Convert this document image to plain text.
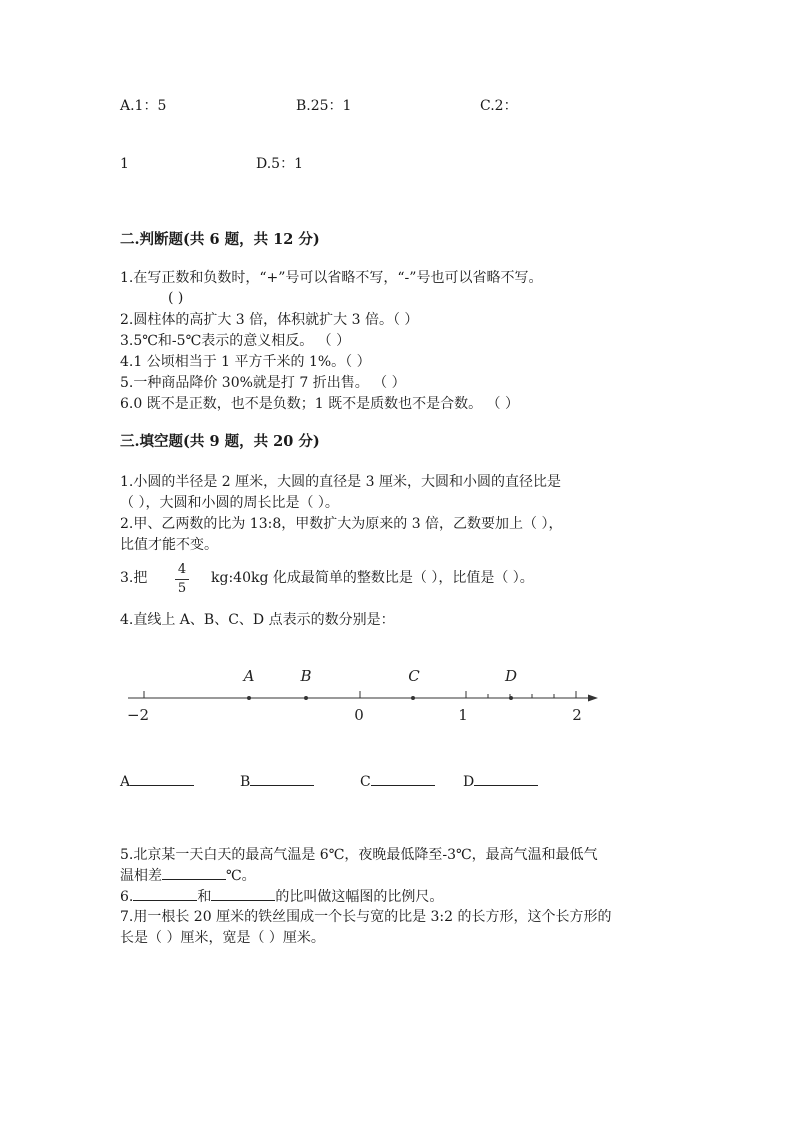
A.1：5	B.25：1	C.2：
1	D.5：1
二.判断题(共 6 题，共 12 分)
1.在写正数和负数时，“+”号可以省略不写，“-”号也可以省略不写。
( )
2.圆柱体的高扩大 3 倍，体积就扩大 3 倍。（ ）
3.5℃和-5℃表示的意义相反。 （ ）
4.1 公顷相当于 1 平方千米的 1%。（ ）
5.一种商品降价 30%就是打 7 折出售。 （ ）
6.0 既不是正数，也不是负数；1 既不是质数也不是合数。 （ ）
三.填空题(共 9 题，共 20 分)
1.小圆的半径是 2 厘米，大圆的直径是 3 厘米，大圆和小圆的直径比是
（ ），大圆和小圆的周长比是（ ）。
2.甲、乙两数的比为 13:8，甲数扩大为原来的 3 倍，乙数要加上（ ），
比值才能不变。
3.把 $\frac{4}{5}$ kg:40kg 化成最简单的整数比是（ ），比值是（ ）。
4.直线上 A、B、C、D 点表示的数分别是：
A	B	C	D
−2	0	1	2
A	B	C	D
5.北京某一天白天的最高气温是 6℃，夜晚最低降至-3℃，最高气温和最低气
温相差	℃。
6.	和	的比叫做这幅图的比例尺。
7.用一根长 20 厘米的铁丝围成一个长与宽的比是 3:2 的长方形，这个长方形的
长是（ ）厘米，宽是（ ）厘米。
